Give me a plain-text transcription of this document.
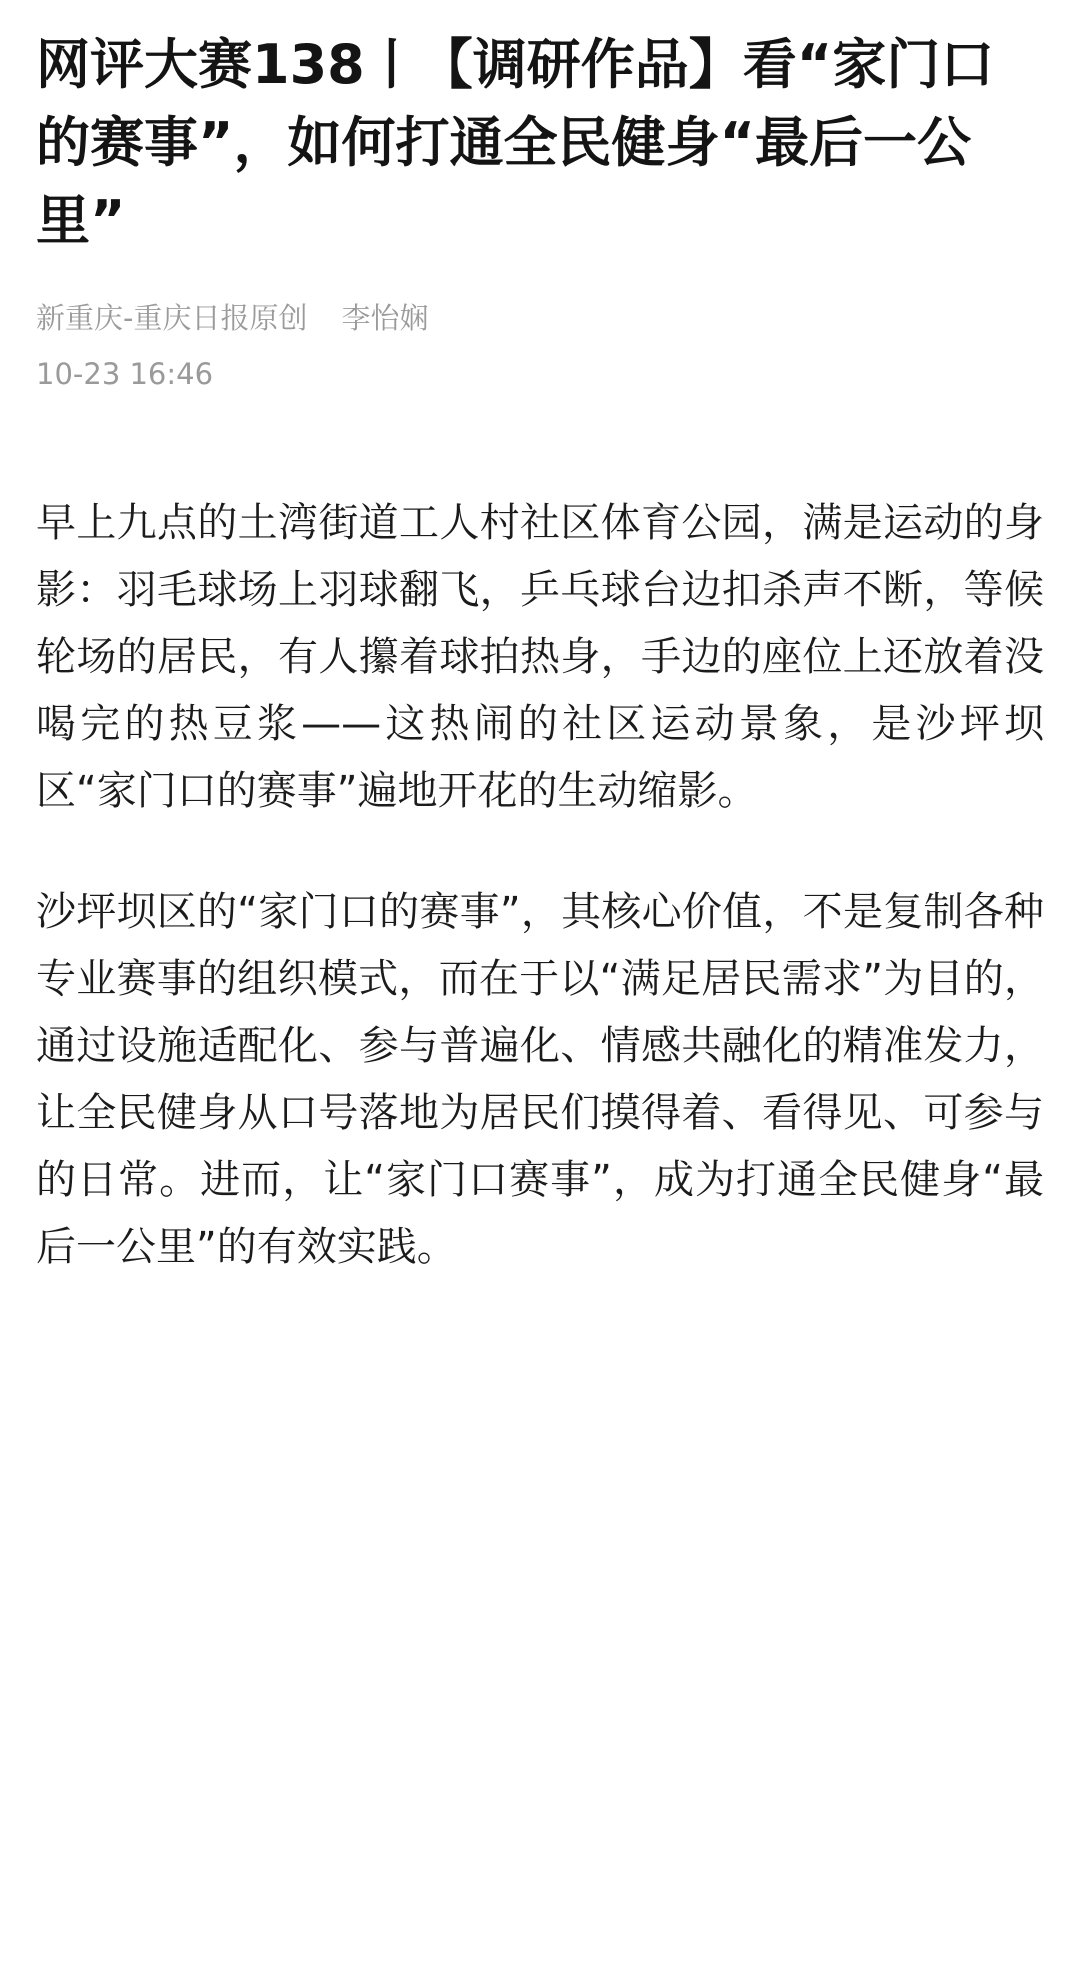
网评大赛138丨【调研作品】看“家门口的赛事”，如何打通全民健身“最后一公里”
新重庆-重庆日报原创 李怡娴
10-23 16:46

早上九点的土湾街道工人村社区体育公园，满是运动的身影：羽毛球场上羽球翻飞，乒乓球台边扣杀声不断，等候轮场的居民，有人攥着球拍热身，手边的座位上还放着没喝完的热豆浆——这热闹的社区运动景象，是沙坪坝区“家门口的赛事”遍地开花的生动缩影。

沙坪坝区的“家门口的赛事”，其核心价值，不是复制各种专业赛事的组织模式，而在于以“满足居民需求”为目的，通过设施适配化、参与普遍化、情感共融化的精准发力，让全民健身从口号落地为居民们摸得着、看得见、可参与的日常。进而，让“家门口赛事”，成为打通全民健身“最后一公里”的有效实践。
